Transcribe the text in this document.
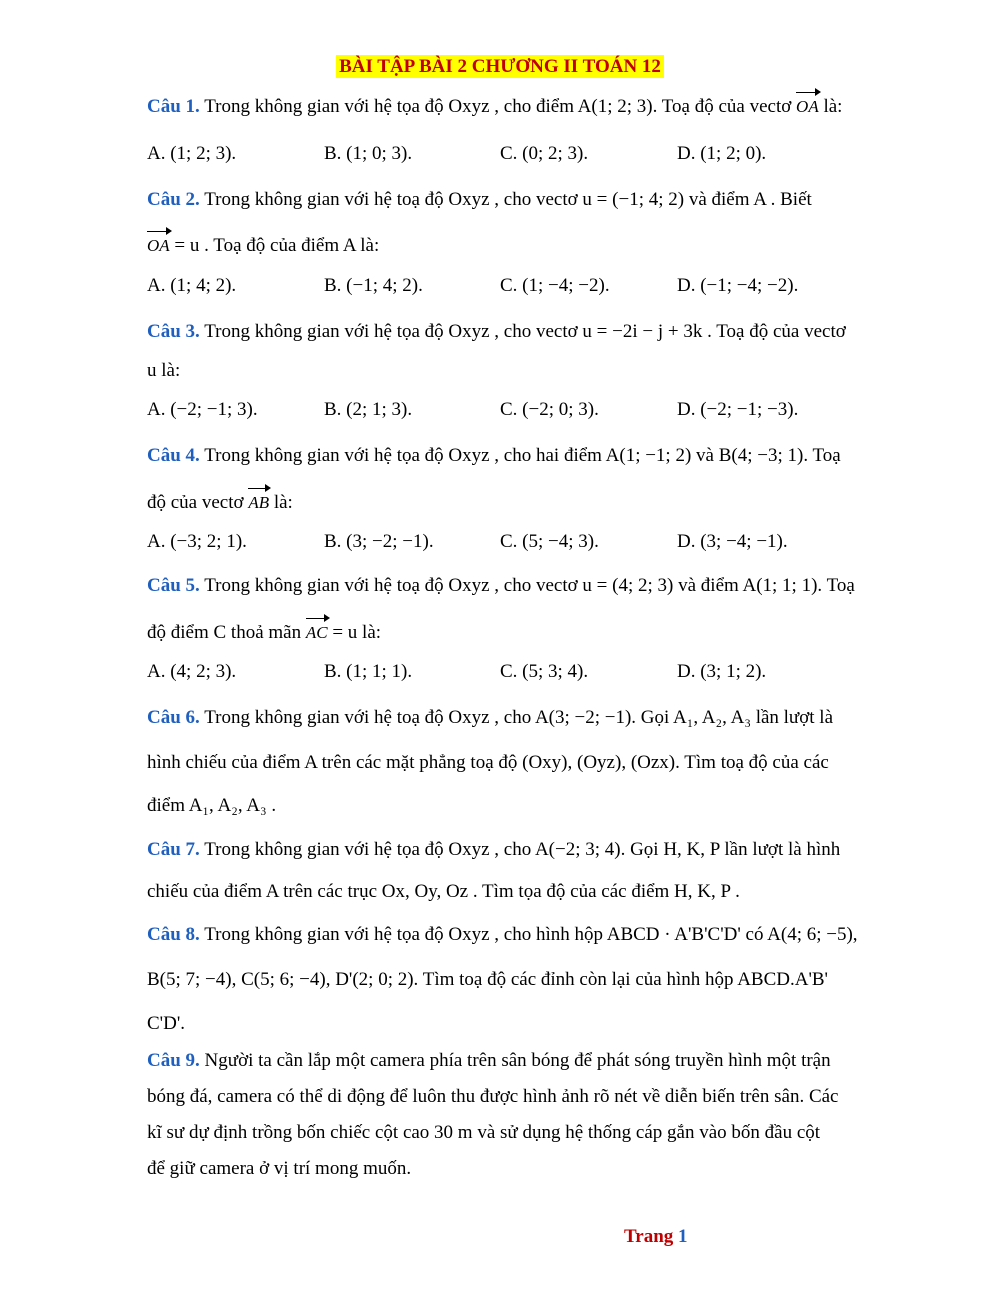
BÀI TẬP BÀI 2 CHƯƠNG II TOÁN 12
Câu 1. Trong không gian với hệ tọa độ Oxyz , cho điểm A(1; 2; 3). Toạ độ của vectơ OA là:
A. (1; 2; 3).	B. (1; 0; 3).	C. (0; 2; 3).	D. (1; 2; 0).
Câu 2. Trong không gian với hệ toạ độ Oxyz , cho vectơ u = (−1; 4; 2) và điểm A . Biết
OA = u . Toạ độ của điểm A là:
A. (1; 4; 2).	B. (−1; 4; 2).	C. (1; −4; −2).	D. (−1; −4; −2).
Câu 3. Trong không gian với hệ tọa độ Oxyz , cho vectơ u = −2i − j + 3k . Toạ độ của vectơ
u là:
A. (−2; −1; 3).	B. (2; 1; 3).	C. (−2; 0; 3).	D. (−2; −1; −3).
Câu 4. Trong không gian với hệ tọa độ Oxyz , cho hai điểm A(1; −1; 2) và B(4; −3; 1). Toạ
độ của vectơ AB là:
A. (−3; 2; 1).	B. (3; −2; −1).	C. (5; −4; 3).	D. (3; −4; −1).
Câu 5. Trong không gian với hệ toạ độ Oxyz , cho vectơ u = (4; 2; 3) và điểm A(1; 1; 1). Toạ
độ điểm C thoả mãn AC = u là:
A. (4; 2; 3).	B. (1; 1; 1).	C. (5; 3; 4).	D. (3; 1; 2).
Câu 6. Trong không gian với hệ toạ độ Oxyz , cho A(3; −2; −1). Gọi A₁, A₂, A₃ lần lượt là
hình chiếu của điểm A trên các mặt phẳng toạ độ (Oxy), (Oyz), (Ozx). Tìm toạ độ của các
điểm A₁, A₂, A₃ .
Câu 7. Trong không gian với hệ tọa độ Oxyz , cho A(−2; 3; 4). Gọi H, K, P lần lượt là hình
chiếu của điểm A trên các trục Ox, Oy, Oz . Tìm tọa độ của các điểm H, K, P .
Câu 8. Trong không gian với hệ tọa độ Oxyz , cho hình hộp ABCD · A'B'C'D' có A(4; 6; −5),
B(5; 7; −4), C(5; 6; −4), D'(2; 0; 2). Tìm toạ độ các đỉnh còn lại của hình hộp ABCD.A'B'
C'D'.
Câu 9. Người ta cần lắp một camera phía trên sân bóng để phát sóng truyền hình một trận
bóng đá, camera có thể di động để luôn thu được hình ảnh rõ nét về diễn biến trên sân. Các
kĩ sư dự định trồng bốn chiếc cột cao 30 m và sử dụng hệ thống cáp gắn vào bốn đầu cột
để giữ camera ở vị trí mong muốn.
Trang 1
